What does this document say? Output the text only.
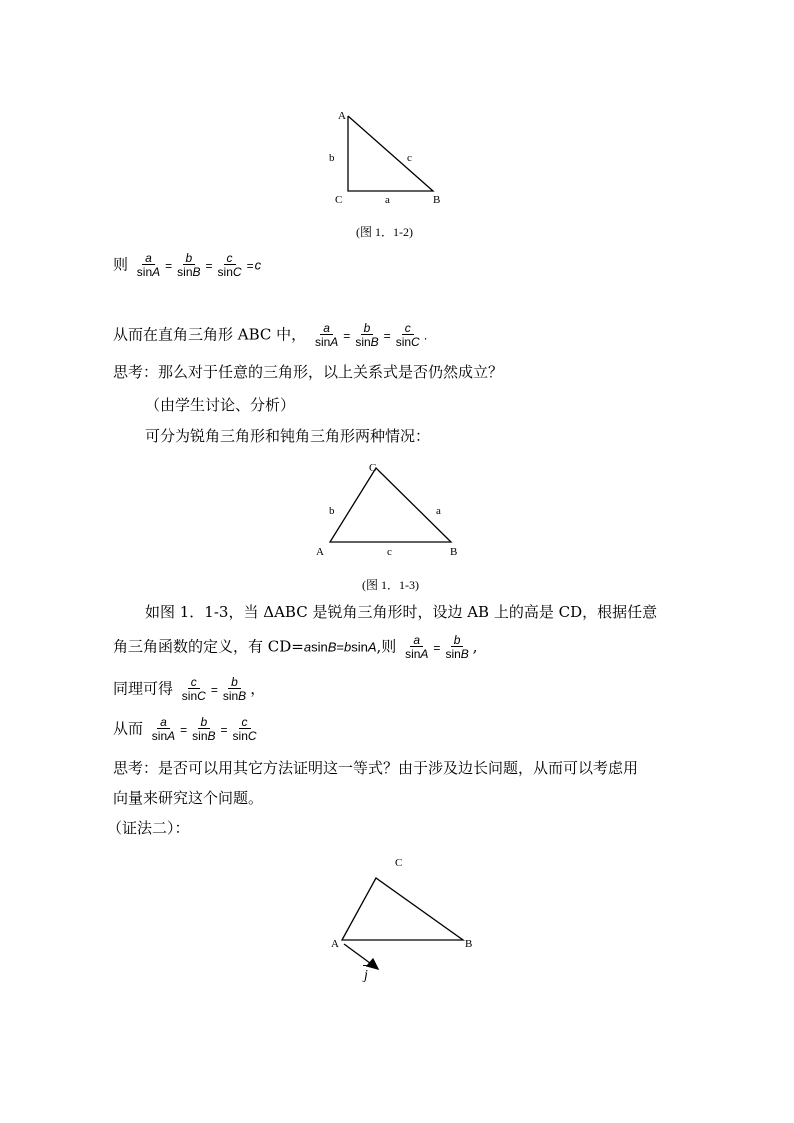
A
b	c
C	a	B
(图 1．1-2)
则 $\frac{a}{\sin A} = \frac{b}{\sin B} = \frac{c}{\sin C} =c$
从而在直角三角形 ABC 中， $\frac{a}{\sin A} = \frac{b}{\sin B} = \frac{c}{\sin C}$ .
思考：那么对于任意的三角形，以上关系式是否仍然成立？
（由学生讨论、分析）
可分为锐角三角形和钝角三角形两种情况：
C
b	a
A	c	B
(图 1．1-3)
如图 1．1-3，当 ΔABC 是锐角三角形时，设边 AB 上的高是 CD，根据任意
角三角函数的定义，有 CD=asinB=bsinA,则 $\frac{a}{\sin A} = \frac{b}{\sin B}$ ,
同理可得 $\frac{c}{\sin C} = \frac{b}{\sin B}$ ，
从而 $\frac{a}{\sin A} = \frac{b}{\sin B} = \frac{c}{\sin C}$
思考：是否可以用其它方法证明这一等式？由于涉及边长问题，从而可以考虑用
向量来研究这个问题。
（证法二）：
C
A	B
j
